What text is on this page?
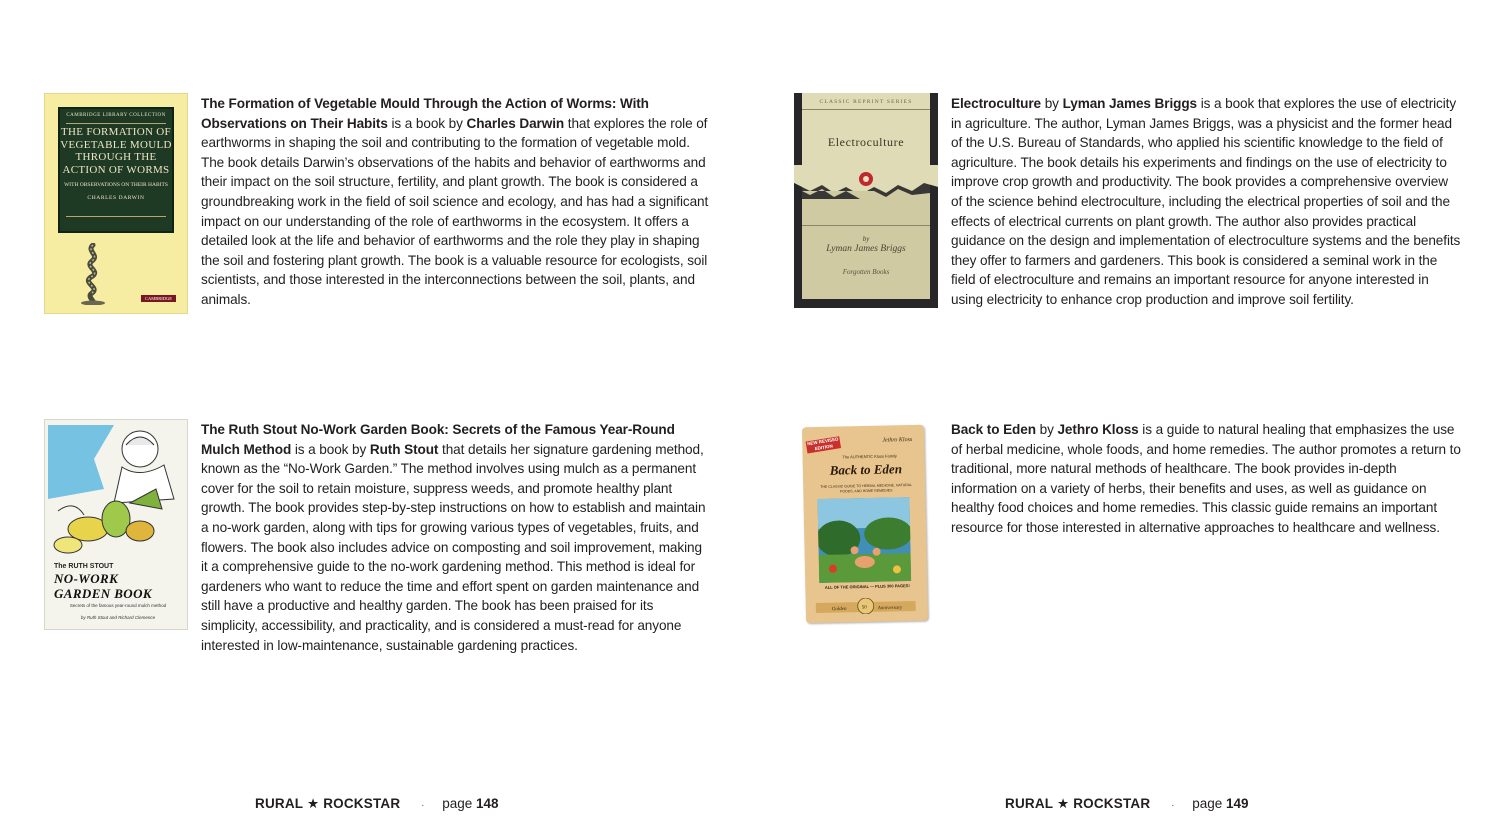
CAMBRIDGE LIBRARY COLLECTION
THE FORMATION OF VEGETABLE MOULD THROUGH THE ACTION OF WORMS
WITH OBSERVATIONS ON THEIR HABITS
CHARLES DARWIN
CAMBRIDGE

The Formation of Vegetable Mould Through the Action of Worms: With Observations on Their Habits is a book by Charles Darwin that explores the role of earthworms in shaping the soil and contributing to the formation of vegetable mold. The book details Darwin’s observations of the habits and behavior of earthworms and their impact on the soil structure, fertility, and plant growth. The book is considered a groundbreaking work in the field of soil science and ecology, and has had a significant impact on our understanding of the role of earthworms in the ecosystem. It offers a detailed look at the life and behavior of earthworms and the role they play in shaping the soil and fostering plant growth. The book is a valuable resource for ecologists, soil scientists, and those interested in the interconnections between the soil, plants, and animals.

CLASSIC REPRINT SERIES
Electroculture
by
Lyman James Briggs
Forgotten Books

Electroculture by Lyman James Briggs is a book that explores the use of electricity in agriculture. The author, Lyman James Briggs, was a physicist and the former head of the U.S. Bureau of Standards, who applied his scientific knowledge to the field of agriculture. The book details his experiments and findings on the use of electricity to improve crop growth and productivity. The book provides a comprehensive overview of the science behind electroculture, including the electrical properties of soil and the effects of electrical currents on plant growth. The author also provides practical guidance on the design and implementation of electroculture systems and the benefits they offer to farmers and gardeners. This book is considered a seminal work in the field of electroculture and remains an important resource for anyone interested in using electricity to enhance crop production and improve soil fertility.

The RUTH STOUT
NO-WORK
GARDEN BOOK
Secrets of the famous year-round mulch method
by Ruth Stout and Richard Clemence

The Ruth Stout No-Work Garden Book: Secrets of the Famous Year-Round Mulch Method is a book by Ruth Stout that details her signature gardening method, known as the “No-Work Garden.” The method involves using mulch as a permanent cover for the soil to retain moisture, suppress weeds, and promote healthy plant growth. The book provides step-by-step instructions on how to establish and maintain a no-work garden, along with tips for growing various types of vegetables, fruits, and flowers. The book also includes advice on composting and soil improvement, making it a comprehensive guide to the no-work gardening method. This method is ideal for gardeners who want to reduce the time and effort spent on garden maintenance and still have a productive and healthy garden. The book has been praised for its simplicity, accessibility, and practicality, and is considered a must-read for anyone interested in low-maintenance, sustainable gardening practices.

NEW REVISED EDITION
Jethro Kloss
The AUTHENTIC Kloss Family
Back to Eden
THE CLASSIC GUIDE TO HERBAL MEDICINE, NATURAL FOODS, AND HOME REMEDIES
ALL OF THE ORIGINAL — PLUS 300 PAGES!
Golden	50 Anniversary

Back to Eden by Jethro Kloss is a guide to natural healing that emphasizes the use of herbal medicine, whole foods, and home remedies. The author promotes a return to traditional, more natural methods of healthcare. The book provides in-depth information on a variety of herbs, their benefits and uses, as well as guidance on healthy food choices and home remedies. This classic guide remains an important resource for those interested in alternative approaches to healthcare and wellness.

RURAL ★ ROCKSTAR · page 148	RURAL ★ ROCKSTAR · page 149
